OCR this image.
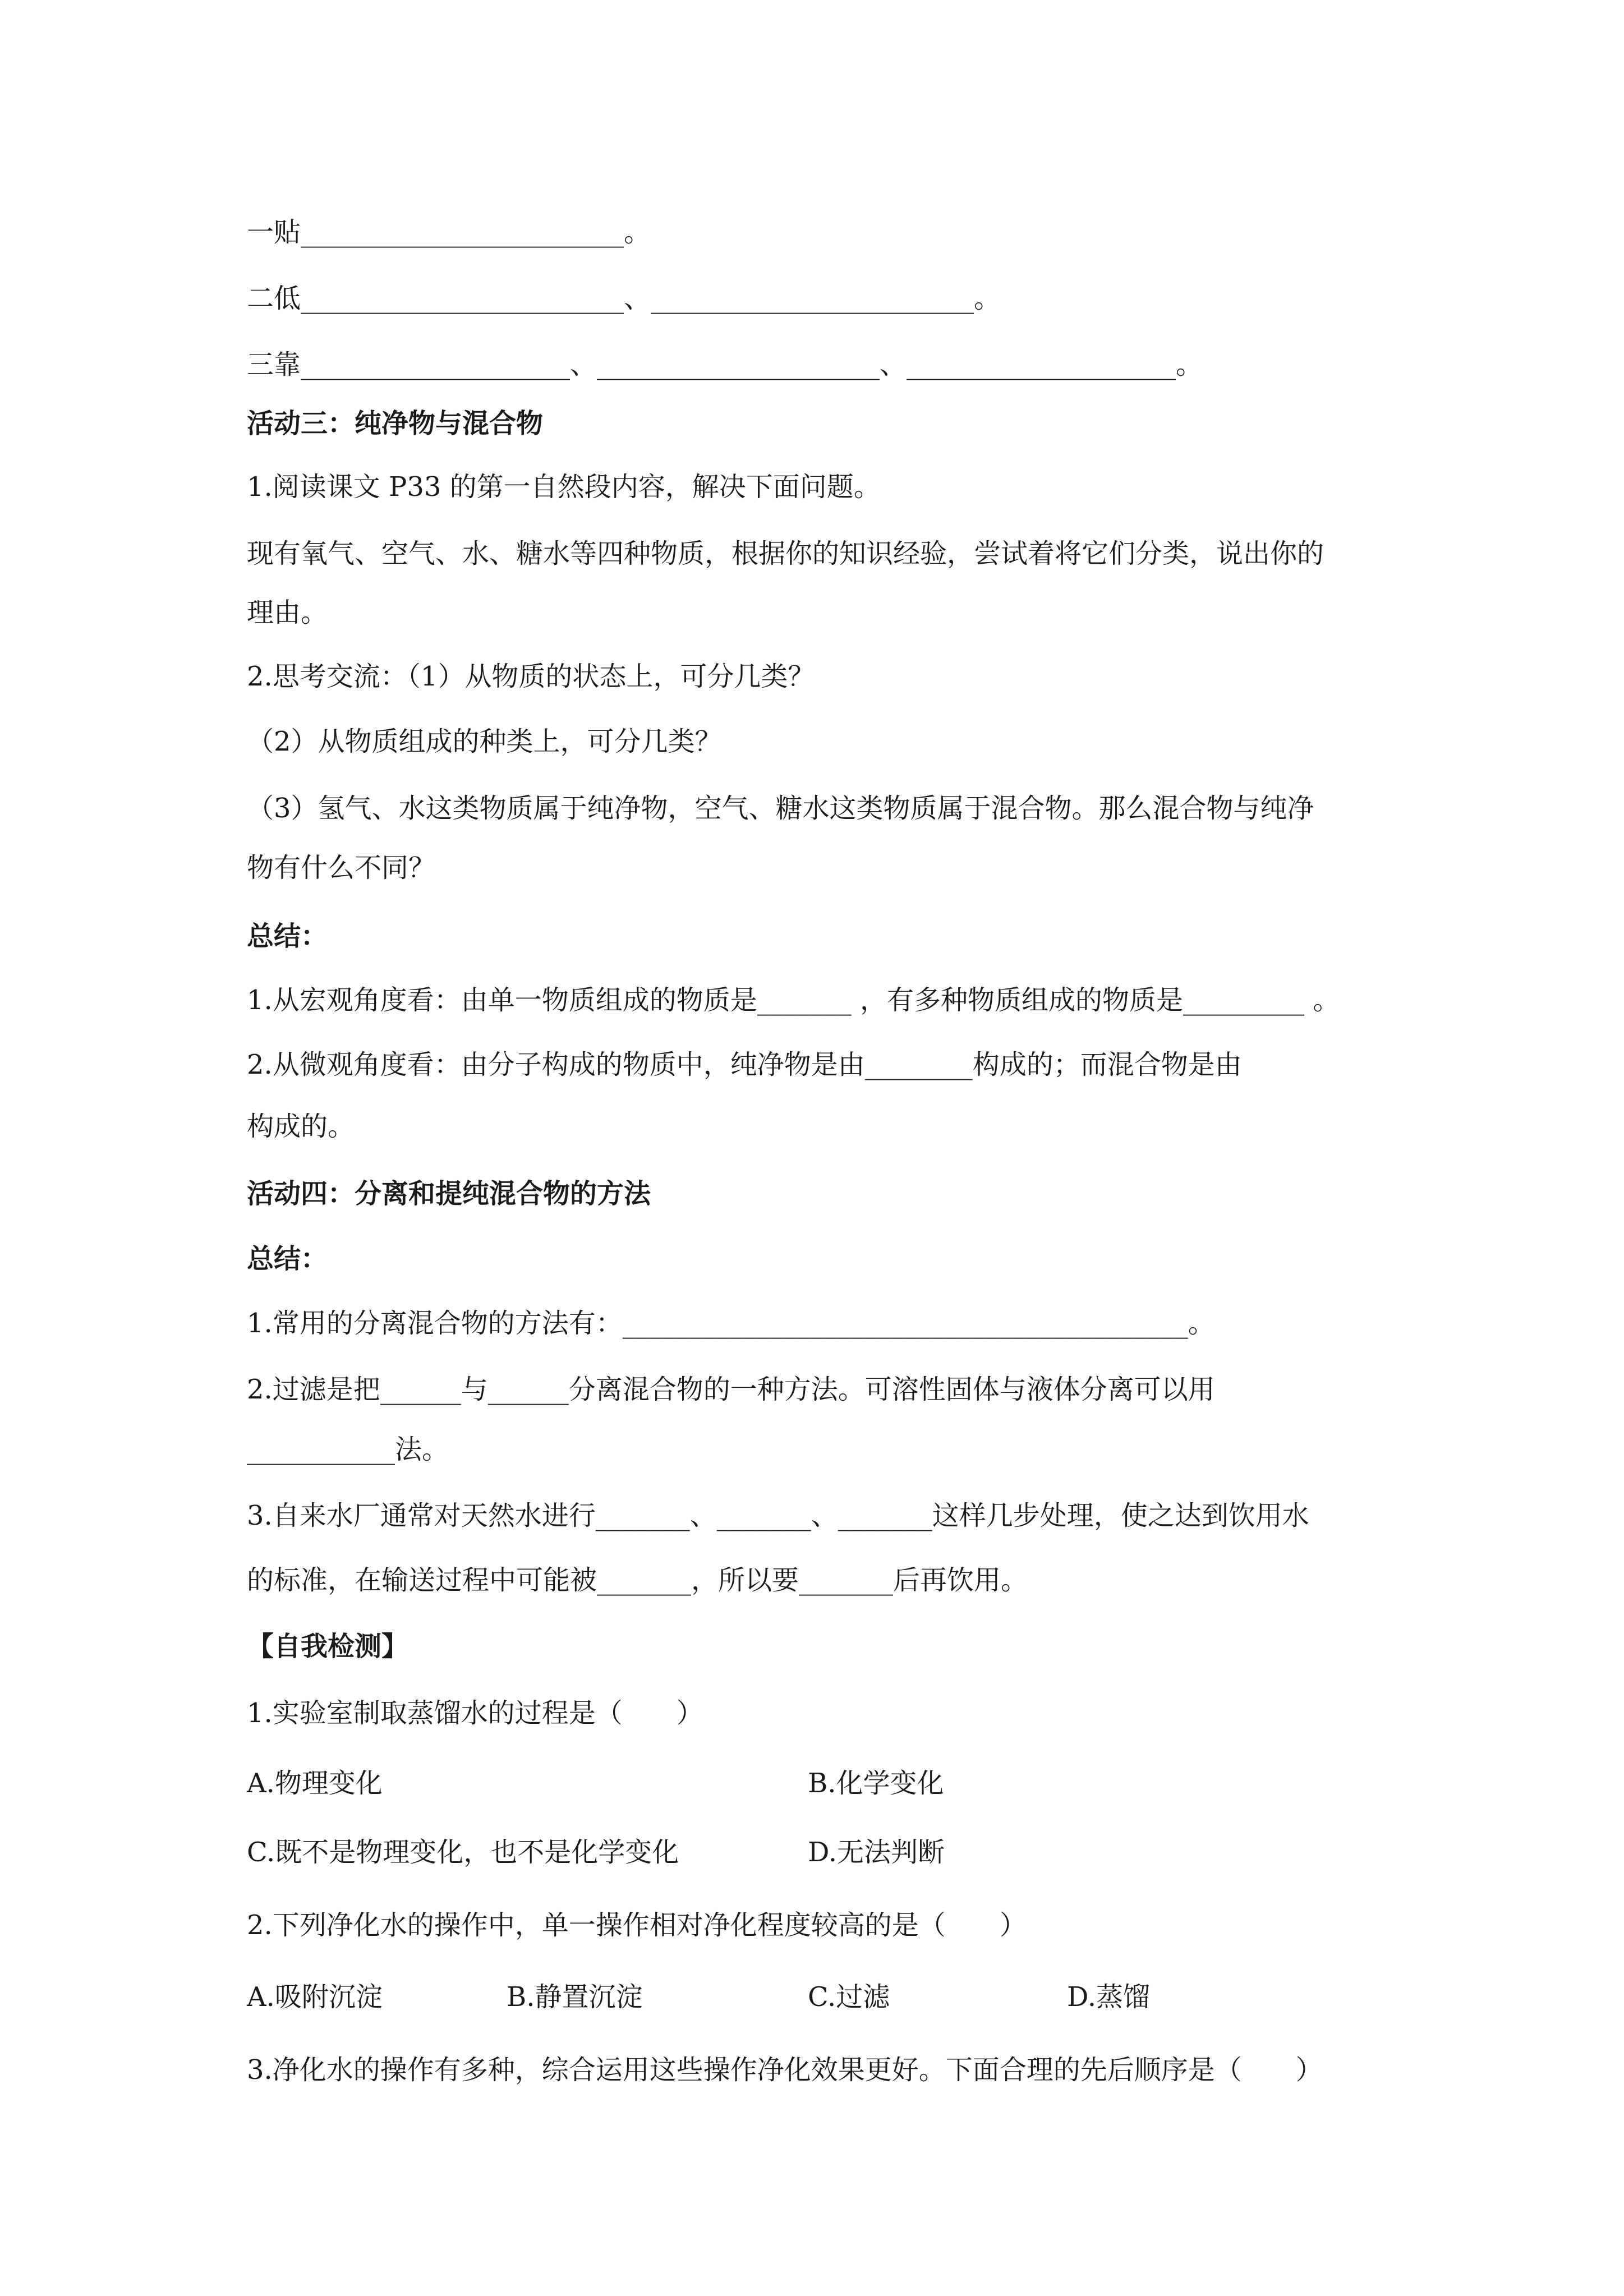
一贴________________________。
二低________________________、________________________。
三靠____________________、_____________________、____________________。
活动三：纯净物与混合物
1.阅读课文 P33 的第一自然段内容，解决下面问题。
现有氧气、空气、水、糖水等四种物质，根据你的知识经验，尝试着将它们分类，说出你的
理由。
2.思考交流：（1）从物质的状态上，可分几类？
（2）从物质组成的种类上，可分几类？
（3）氢气、水这类物质属于纯净物，空气、糖水这类物质属于混合物。那么混合物与纯净
物有什么不同？
总结：
1.从宏观角度看：由单一物质组成的物质是_______ ，有多种物质组成的物质是_________ 。
2.从微观角度看：由分子构成的物质中，纯净物是由________构成的；而混合物是由
构成的。
活动四：分离和提纯混合物的方法
总结：
1.常用的分离混合物的方法有：__________________________________________。
2.过滤是把______与______分离混合物的一种方法。可溶性固体与液体分离可以用
___________法。
3.自来水厂通常对天然水进行_______、_______、_______这样几步处理，使之达到饮用水
的标准，在输送过程中可能被_______，所以要_______后再饮用。
【自我检测】
1.实验室制取蒸馏水的过程是（　　）
A.物理变化	B.化学变化
C.既不是物理变化，也不是化学变化	D.无法判断
2.下列净化水的操作中，单一操作相对净化程度较高的是（　　）
A.吸附沉淀	B.静置沉淀	C.过滤	D.蒸馏
3.净化水的操作有多种，综合运用这些操作净化效果更好。下面合理的先后顺序是（　　）
